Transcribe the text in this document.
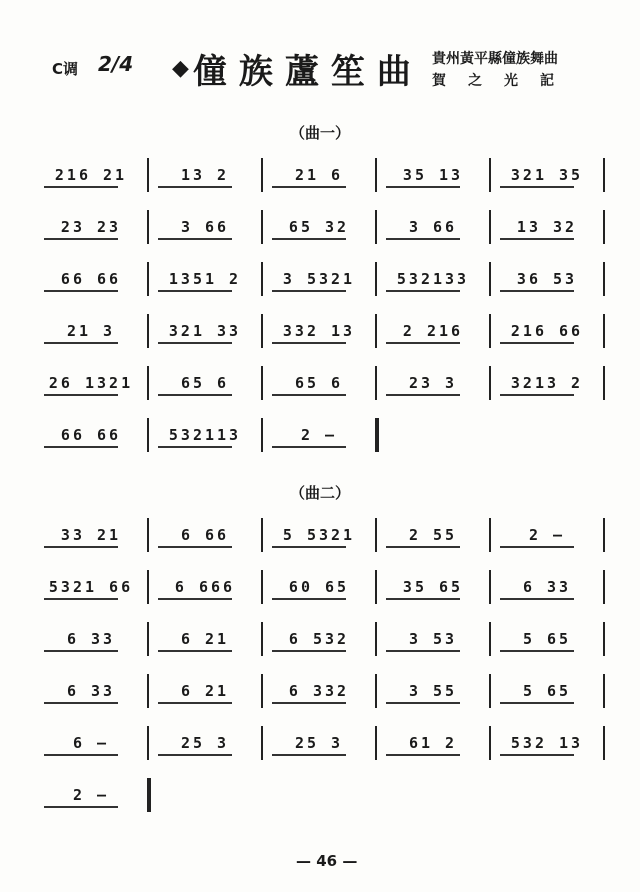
C调 2/4 ◆ 僮族蘆笙曲 貴州黃平縣僮族舞曲
賀之光記
（曲一）
216 21	13 2	21 6	35 13	321 35
23 23	3 66	65 32	3 66	13 32
66 66	1351 2	3 5321	532133	36 53
21 3	321 33	332 13	2 216	216 66
26 1321	65 6	65 6	23 3	3213 2
66 66	532113	2 —
（曲二）
33 21	6 66	5 5321	2 55	2 —
5321 66	6 666	60 65	35 65	6 33
6 33	6 21	6 532	3 53	5 65
6 33	6 21	6 332	3 55	5 65
6 —	25 3	25 3	61 2	532 13
2 —
— 46 —
